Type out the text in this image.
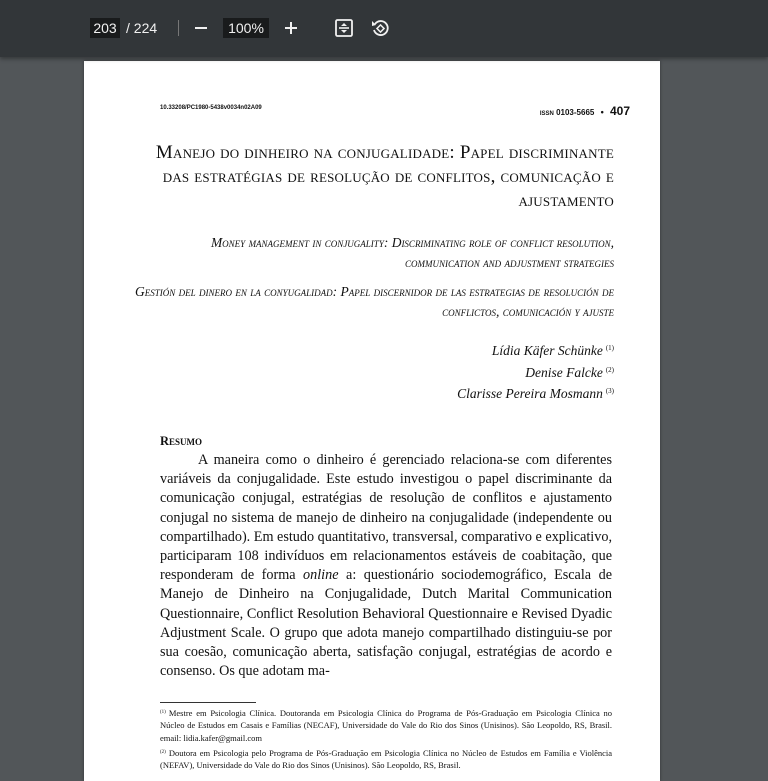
203
/ 224
100%
10.33208/PC1980-5438v0034n02A09
ISSN 0103-5665 • 407
Manejo do dinheiro na conjugalidade: Papel discriminante das estratégias de resolução de conflitos, comunicação e ajustamento
Money management in conjugality: Discriminating role of conflict resolution, communication and adjustment strategies
Gestión del dinero en la conyugalidad: Papel discernidor de las estrategias de resolución de conflictos, comunicación y ajuste
Lídia Käfer Schünke $^{(1)}$
Denise Falcke $^{(2)}$
Clarisse Pereira Mosmann $^{(3)}$
Resumo
A maneira como o dinheiro é gerenciado relaciona-se com diferentes variáveis da conjugalidade. Este estudo investigou o papel discriminante da comunicação conjugal, estratégias de resolução de conflitos e ajustamento conjugal no sistema de manejo de dinheiro na conjugalidade (independente ou compartilhado). Em estudo quantitativo, transversal, comparativo e explicativo, participaram 108 indivíduos em relacionamentos estáveis de coabitação, que responderam de forma online a: questionário sociodemográfico, Escala de Manejo de Dinheiro na Conjugalidade, Dutch Marital Communication Questionnaire, Conflict Resolution Behavioral Questionnaire e Revised Dyadic Adjustment Scale. O grupo que adota manejo compartilhado distinguiu-se por sua coesão, comunicação aberta, satisfação conjugal, estratégias de acordo e consenso. Os que adotam ma-
$^{(1)}$ Mestre em Psicologia Clínica. Doutoranda em Psicologia Clínica do Programa de Pós-Graduação em Psicologia Clínica no Núcleo de Estudos em Casais e Famílias (NECAF), Universidade do Vale do Rio dos Sinos (Unisinos). São Leopoldo, RS, Brasil. email: lidia.kafer@gmail.com
$^{(2)}$ Doutora em Psicologia pelo Programa de Pós-Graduação em Psicologia Clínica no Núcleo de Estudos em Família e Violência (NEFAV), Universidade do Vale do Rio dos Sinos (Unisinos). São Leopoldo, RS, Brasil.
